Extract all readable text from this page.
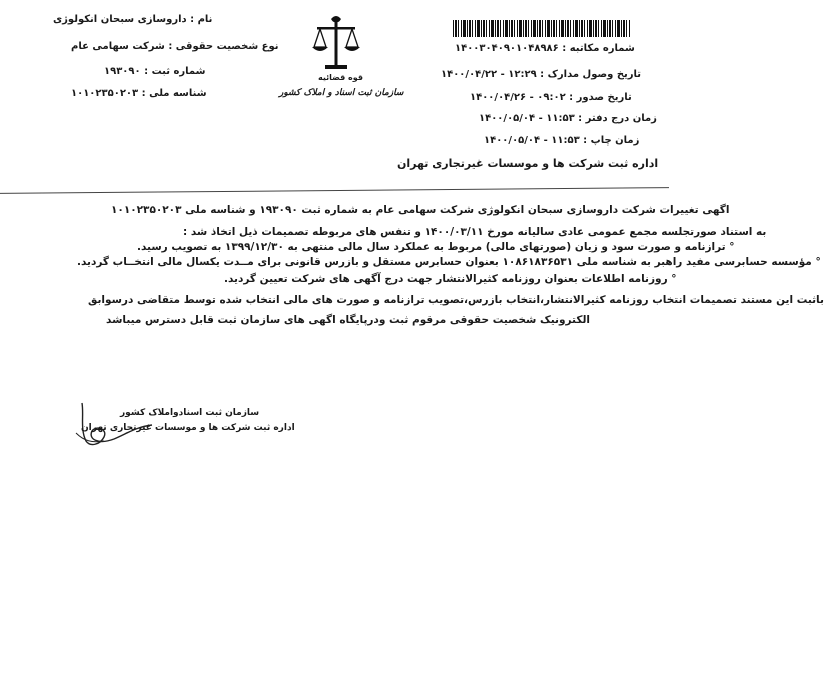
نام : داروسازی سبحان انکولوژی
نوع شخصیت حقوقی : شرکت سهامی عام
شماره ثبت : ۱۹۳۰۹۰
شناسه ملی : ۱۰۱۰۲۳۵۰۲۰۳
قوه قضائیه
سازمان ثبت اسناد و املاک کشور
شماره مکاتبه : ۱۴۰۰۳۰۴۰۹۰۱۰۴۸۹۸۶
تاریخ وصول مدارک : ۱۲:۲۹ - ۱۴۰۰/۰۴/۲۲
تاریخ صدور : ۰۹:۰۲ - ۱۴۰۰/۰۴/۲۶
زمان درج دفتر : ۱۱:۵۳ - ۱۴۰۰/۰۵/۰۴
زمان چاپ : ۱۱:۵۳ - ۱۴۰۰/۰۵/۰۴
اداره ثبت شرکت ها و موسسات غیرتجاری تهران
اگهی تغییرات شرکت داروسازی سبحان انکولوژی شرکت سهامی عام به شماره ثبت ۱۹۳۰۹۰ و شناسه ملی ۱۰۱۰۲۳۵۰۲۰۳
به استناد صورتجلسه مجمع عمومی عادی سالیانه مورخ ۱۴۰۰/۰۳/۱۱ و تنفس های مربوطه تصمیمات ذیل اتخاذ شد :
° ترازنامه و صورت سود و زیان (صورتهای مالی) مربوط به عملکرد سال مالی منتهی به ۱۳۹۹/۱۲/۳۰ به تصویب رسید.
° مؤسسه حسابرسی مفید راهبر به شناسه ملی ۱۰۸۶۱۸۳۶۵۳۱ بعنوان حسابرس مستقل و بازرس قانونی برای مــدت یکسال مالی انتخــاب گردید.
° روزنامه اطلاعات بعنوان روزنامه کثیرالانتشار جهت درج آگهی های شرکت تعیین گردید.
باثبت این مستند تصمیمات انتخاب روزنامه کثیرالانتشار،انتخاب بازرس،تصویب ترازنامه و صورت های مالی انتخاب شده توسط متقاضی درسوابق
الکترونیک شخصیت حقوقی مرقوم ثبت ودرپایگاه اگهی های سازمان ثبت قابل دسترس میباشد
سازمان ثبت اسنادواملاک کشور
اداره ثبت شرکت ها و موسسات غیرتجاری تهران
